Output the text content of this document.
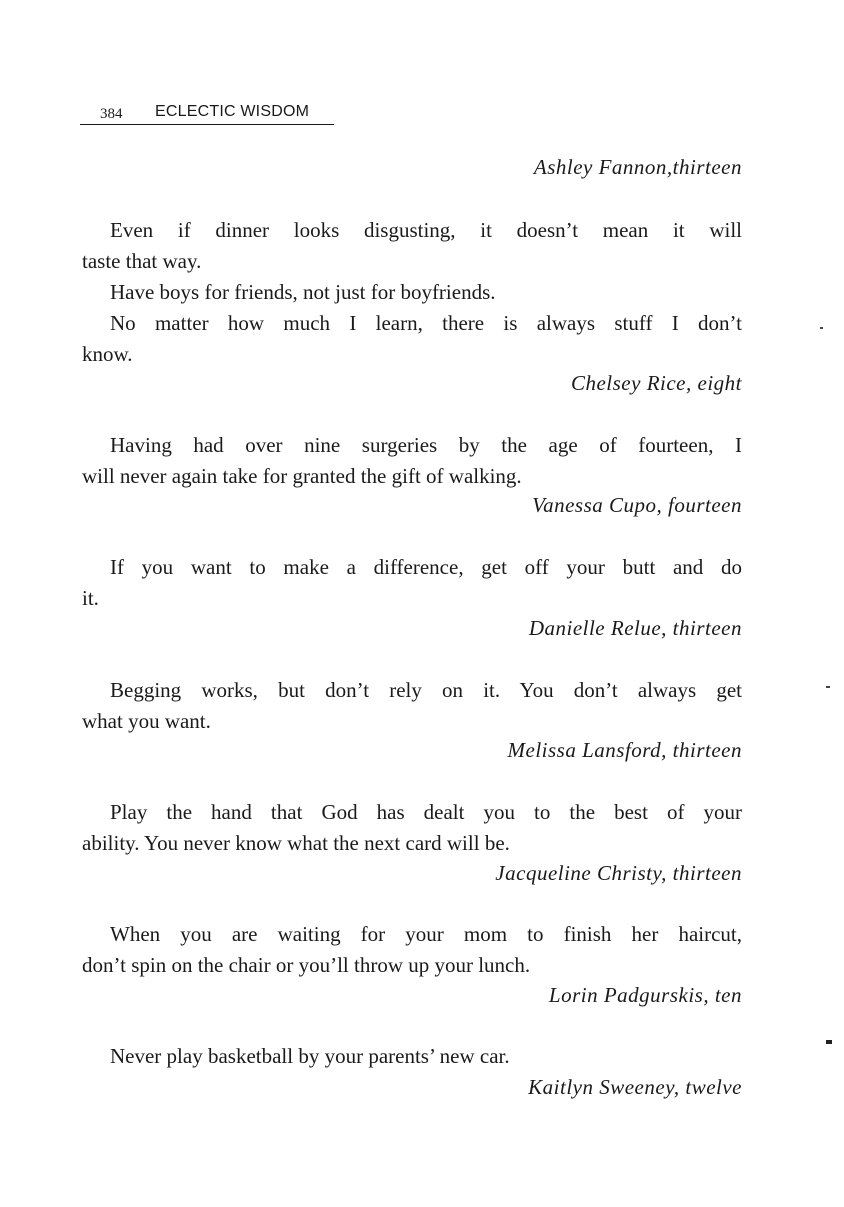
384 ECLECTIC WISDOM
Ashley Fannon,thirteen
Even if dinner looks disgusting, it doesn’t mean it will
taste that way.
Have boys for friends, not just for boyfriends.
No matter how much I learn, there is always stuff I don’t
know.
Chelsey Rice, eight
Having had over nine surgeries by the age of fourteen, I
will never again take for granted the gift of walking.
Vanessa Cupo, fourteen
If you want to make a difference, get off your butt and do
it.
Danielle Relue, thirteen
Begging works, but don’t rely on it. You don’t always get
what you want.
Melissa Lansford, thirteen
Play the hand that God has dealt you to the best of your
ability. You never know what the next card will be.
Jacqueline Christy, thirteen
When you are waiting for your mom to finish her haircut,
don’t spin on the chair or you’ll throw up your lunch.
Lorin Padgurskis, ten
Never play basketball by your parents’ new car.
Kaitlyn Sweeney, twelve
